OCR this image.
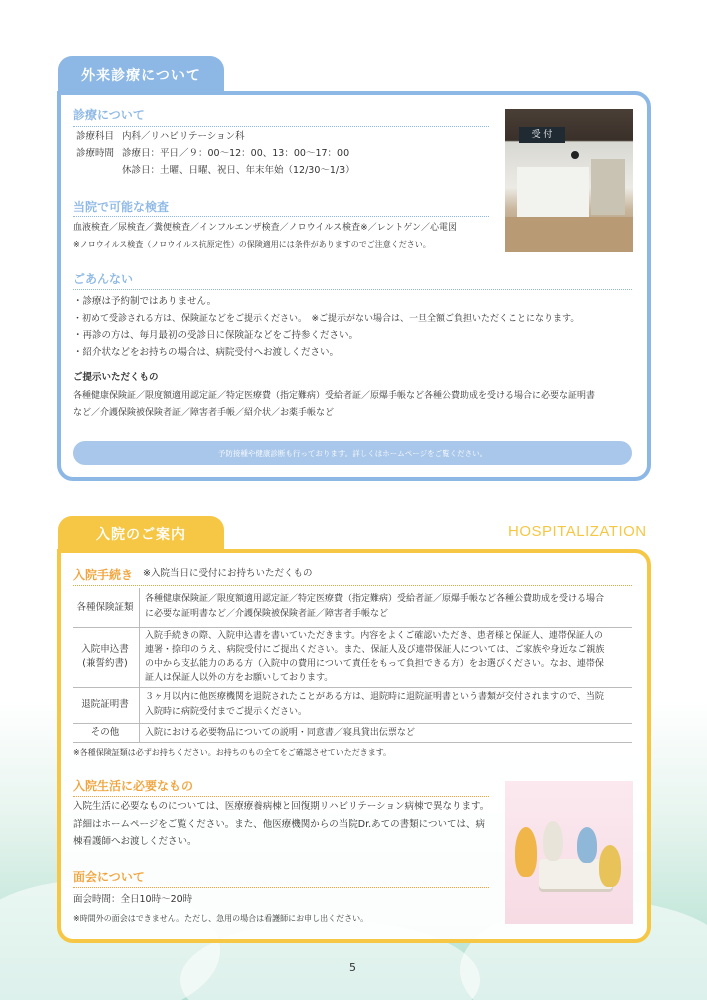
外来診療について
診療について
診療科目 内科／リハビリテーション科
診療時間 診療日：平日／９：00～12：00、13：00～17：00
休診日：土曜、日曜、祝日、年末年始（12/30～1/3）
当院で可能な検査
血液検査／尿検査／糞便検査／インフルエンザ検査／ノロウイルス検査※／レントゲン／心電図
※ノロウイルス検査（ノロウイルス抗原定性）の保険適用には条件がありますのでご注意ください。
受 付
ごあんない
・診療は予約制ではありません。
・初めて受診される方は、保険証などをご提示ください。　※ご提示がない場合は、一旦全額ご負担いただくことになります。
・再診の方は、毎月最初の受診日に保険証などをご持参ください。
・紹介状などをお持ちの場合は、病院受付へお渡しください。
ご提示いただくもの
各種健康保険証／限度額適用認定証／特定医療費（指定難病）受給者証／原爆手帳など各種公費助成を受ける場合に必要な証明書
など／介護保険被保険者証／障害者手帳／紹介状／お薬手帳など
予防接種や健康診断も行っております。詳しくはホームページをご覧ください。
入院のご案内	HOSPITALIZATION
入院手続き ※入院当日に受付にお持ちいただくもの
各種保険証類
各種健康保険証／限度額適用認定証／特定医療費（指定難病）受給者証／原爆手帳など各種公費助成を受ける場合
に必要な証明書など／介護保険被保険者証／障害者手帳など
入院申込書
(兼誓約書)
入院手続きの際、入院申込書を書いていただきます。内容をよくご確認いただき、患者様と保証人、連帯保証人の
連署・捺印のうえ、病院受付にご提出ください。また、保証人及び連帯保証人については、ご家族や身近なご親族
の中から支払能力のある方（入院中の費用について責任をもって負担できる方）をお選びください。なお、連帯保
証人は保証人以外の方をお願いしております。
退院証明書
３ヶ月以内に他医療機関を退院されたことがある方は、退院時に退院証明書という書類が交付されますので、当院
入院時に病院受付までご提示ください。
その他	入院における必要物品についての説明・同意書／寝具貸出伝票など
※各種保険証類は必ずお持ちください。お持ちのもの全てをご確認させていただきます。
入院生活に必要なもの
入院生活に必要なものについては、医療療養病棟と回復期リハビリテーション病棟で異なります。
詳細はホームページをご覧ください。また、他医療機関からの当院Dr.あての書類については、病
棟看護師へお渡しください。
面会について
面会時間：全日10時～20時
※時間外の面会はできません。ただし、急用の場合は看護師にお申し出ください。
5
